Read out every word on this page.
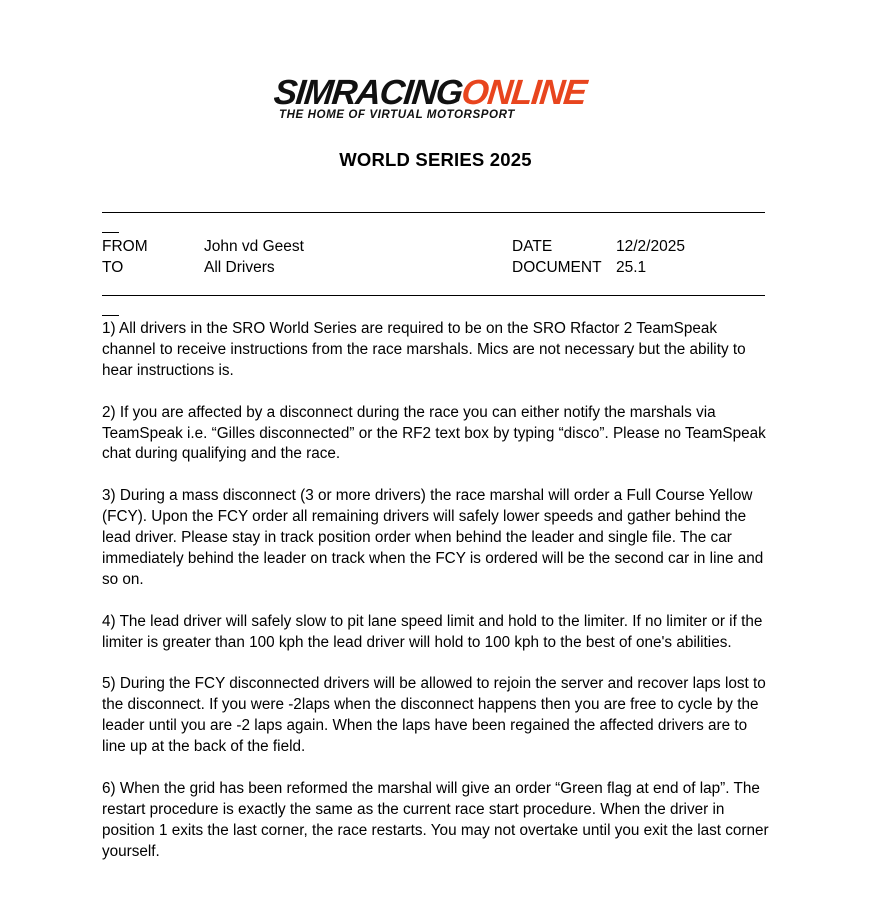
SIMRACINGONLINE
THE HOME OF VIRTUAL MOTORSPORT
WORLD SERIES 2025
FROM	John vd Geest	DATE	12/2/2025
TO	All Drivers	DOCUMENT 25.1

1) All drivers in the SRO World Series are required to be on the SRO Rfactor 2 TeamSpeak channel to receive instructions from the race marshals. Mics are not necessary but the ability to hear instructions is.

2) If you are affected by a disconnect during the race you can either notify the marshals via TeamSpeak i.e. “Gilles disconnected” or the RF2 text box by typing “disco”. Please no TeamSpeak chat during qualifying and the race.

3) During a mass disconnect (3 or more drivers) the race marshal will order a Full Course Yellow (FCY). Upon the FCY order all remaining drivers will safely lower speeds and gather behind the lead driver. Please stay in track position order when behind the leader and single file. The car immediately behind the leader on track when the FCY is ordered will be the second car in line and so on.

4) The lead driver will safely slow to pit lane speed limit and hold to the limiter. If no limiter or if the limiter is greater than 100 kph the lead driver will hold to 100 kph to the best of one's abilities.

5) During the FCY disconnected drivers will be allowed to rejoin the server and recover laps lost to the disconnect. If you were -2laps when the disconnect happens then you are free to cycle by the leader until you are -2 laps again. When the laps have been regained the affected drivers are to line up at the back of the field.

6) When the grid has been reformed the marshal will give an order “Green flag at end of lap”. The restart procedure is exactly the same as the current race start procedure. When the driver in position 1 exits the last corner, the race restarts. You may not overtake until you exit the last corner yourself.
